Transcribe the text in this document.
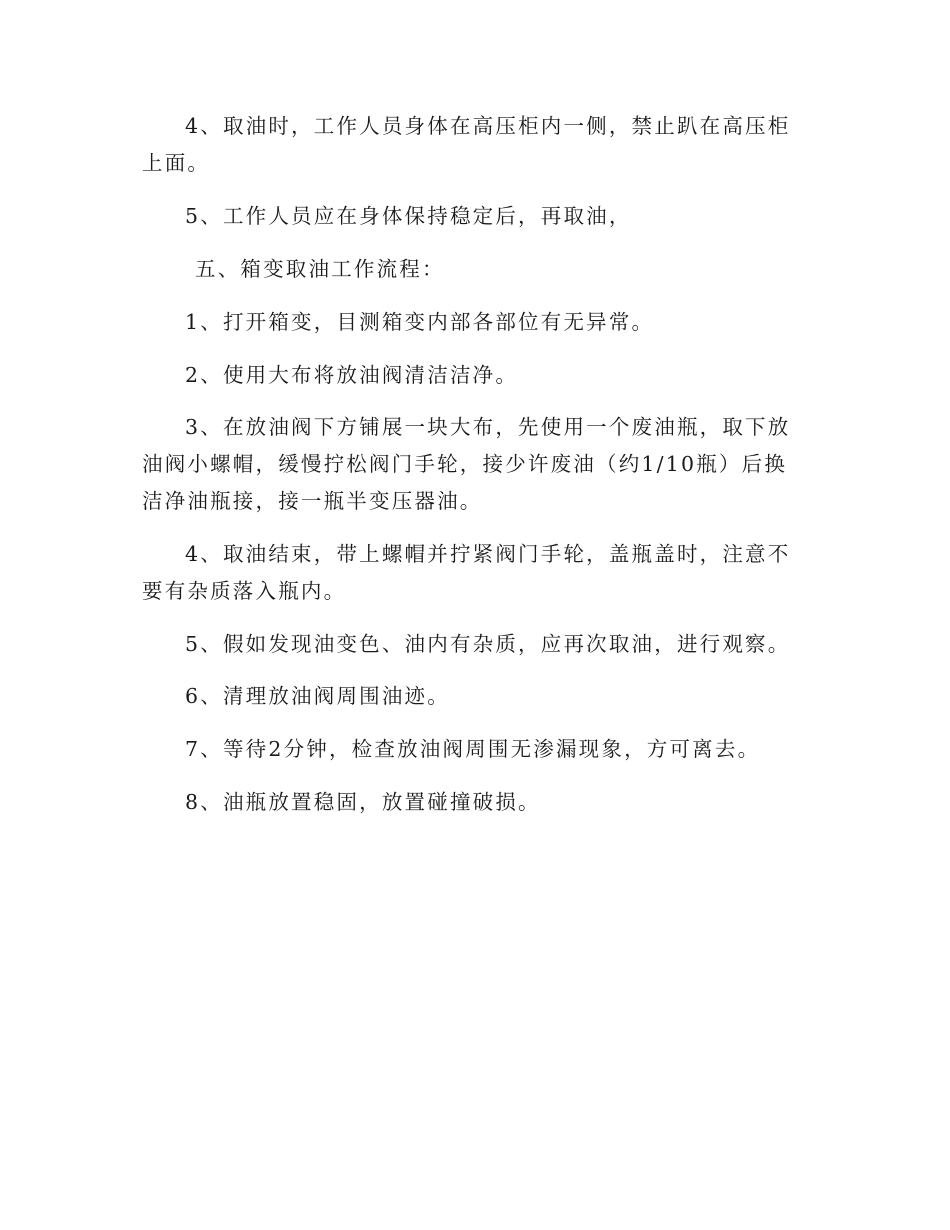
4、取油时，工作人员身体在高压柜内一侧，禁止趴在高压柜上面。

5、工作人员应在身体保持稳定后，再取油，

五、箱变取油工作流程：

1、打开箱变，目测箱变内部各部位有无异常。

2、使用大布将放油阀清洁洁净。

3、在放油阀下方铺展一块大布，先使用一个废油瓶，取下放油阀小螺帽，缓慢拧松阀门手轮，接少许废油（约1/10瓶）后换洁净油瓶接，接一瓶半变压器油。

4、取油结束，带上螺帽并拧紧阀门手轮，盖瓶盖时，注意不要有杂质落入瓶内。

5、假如发现油变色、油内有杂质，应再次取油，进行观察。

6、清理放油阀周围油迹。

7、等待2分钟，检查放油阀周围无渗漏现象，方可离去。

8、油瓶放置稳固，放置碰撞破损。
